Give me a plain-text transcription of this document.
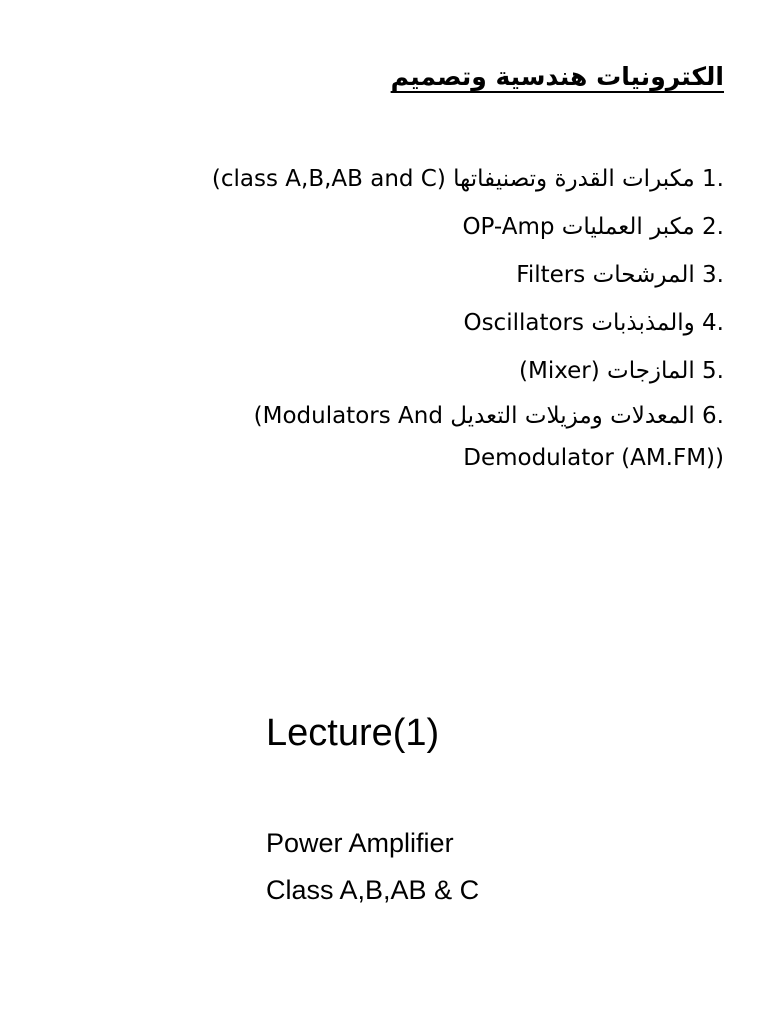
الكترونيات هندسية وتصميم
1. مكبرات القدرة وتصنيفاتها (class A,B,AB and C)
2. مكبر العمليات OP-Amp
3. المرشحات Filters
4. والمذبذبات Oscillators
5. المازجات (Mixer)
6. المعدلات ومزيلات التعديل (Modulators And Demodulator (AM.FM))
Lecture(1)
Power Amplifier
Class A,B,AB & C
